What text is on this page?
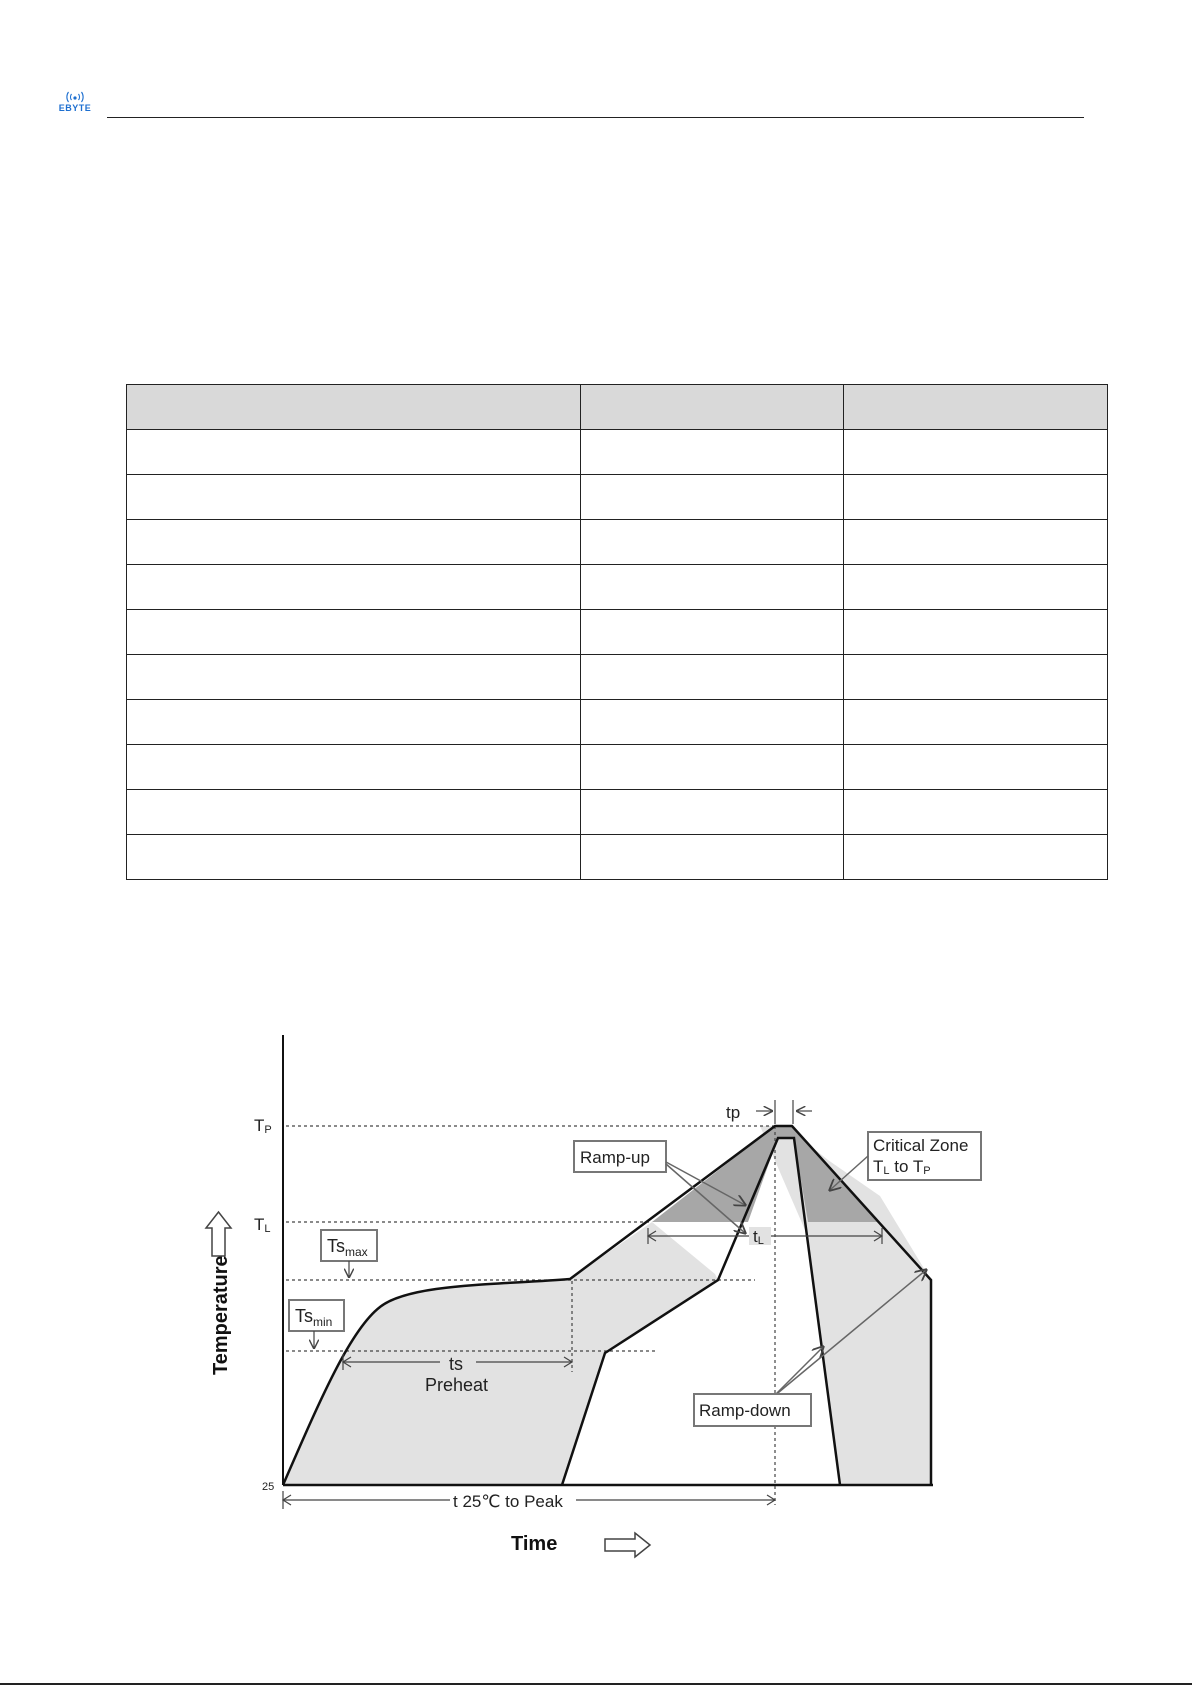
EBYTE

TP
TL
25
Temperature
Time
tp
Ramp-up
Critical Zone
TL to TP
tL
$Ts_{max}$
$Ts_{min}$
ts
Preheat
Ramp-down
t 25℃ to Peak
